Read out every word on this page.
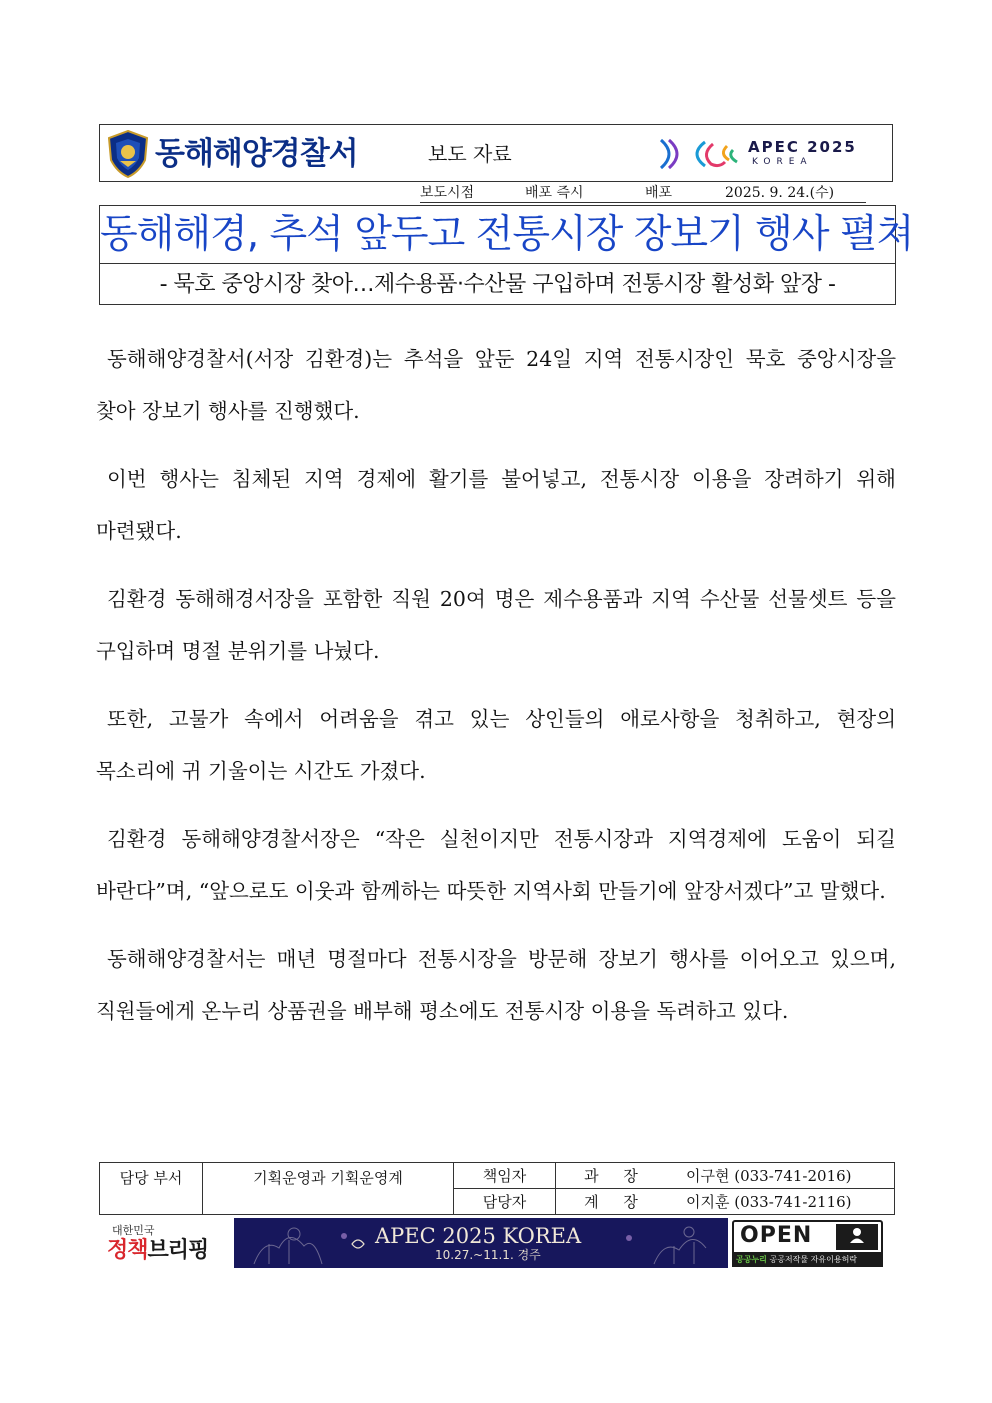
동해해양경찰서	보도 자료	APEC 2025
KOREA
보도시점	배포 즉시	배포	2025. 9. 24.(수)
동해해경, 추석 앞두고 전통시장 장보기 행사 펼쳐
- 묵호 중앙시장 찾아…제수용품·수산물 구입하며 전통시장 활성화 앞장 -

동해해양경찰서(서장 김환경)는 추석을 앞둔 24일 지역 전통시장인 묵호 중앙시장을 찾아 장보기 행사를 진행했다.

이번 행사는 침체된 지역 경제에 활기를 불어넣고, 전통시장 이용을 장려하기 위해 마련됐다.

김환경 동해해경서장을 포함한 직원 20여 명은 제수용품과 지역 수산물 선물셋트 등을 구입하며 명절 분위기를 나눴다.

또한, 고물가 속에서 어려움을 겪고 있는 상인들의 애로사항을 청취하고, 현장의 목소리에 귀 기울이는 시간도 가졌다.

김환경 동해해양경찰서장은 “작은 실천이지만 전통시장과 지역경제에 도움이 되길 바란다”며, “앞으로도 이웃과 함께하는 따뜻한 지역사회 만들기에 앞장서겠다”고 말했다.

동해해양경찰서는 매년 명절마다 전통시장을 방문해 장보기 행사를 이어오고 있으며, 직원들에게 온누리 상품권을 배부해 평소에도 전통시장 이용을 독려하고 있다.

담당 부서	기획운영과 기획운영계	책임자	과 장 이구현 (033-741-2016)
		담당자	계 장 이지훈 (033-741-2116)
대한민국
정책브리핑
APEC 2025 KOREA
10.27.~11.1. 경주
OPEN
공공누리 공공저작물 자유이용허락
